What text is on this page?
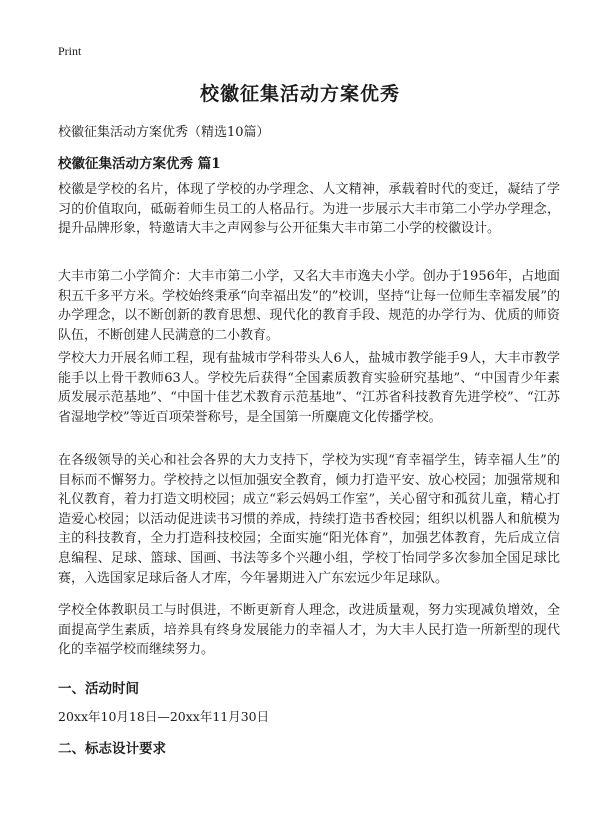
Print
校徽征集活动方案优秀
校徽征集活动方案优秀（精选10篇）
校徽征集活动方案优秀 篇1
校徽是学校的名片，体现了学校的办学理念、人文精神，承载着时代的变迁，凝结了学习的价值取向，砥砺着师生员工的人格品行。为进一步展示大丰市第二小学办学理念，提升品牌形象，特邀请大丰之声网参与公开征集大丰市第二小学的校徽设计。
大丰市第二小学简介：大丰市第二小学，又名大丰市逸夫小学。创办于1956年，占地面积五千多平方米。学校始终秉承“向幸福出发”的”校训，坚持“让每一位师生幸福发展”的办学理念，以不断创新的教育思想、现代化的教育手段、规范的办学行为、优质的师资队伍，不断创建人民满意的二小教育。
学校大力开展名师工程，现有盐城市学科带头人6人，盐城市教学能手9人，大丰市教学能手以上骨干教师63人。学校先后获得“全国素质教育实验研究基地”、“中国青少年素质发展示范基地”、“中国十佳艺术教育示范基地”、“江苏省科技教育先进学校”、“江苏省湿地学校”等近百项荣誉称号，是全国第一所麋鹿文化传播学校。
在各级领导的关心和社会各界的大力支持下，学校为实现“育幸福学生，铸幸福人生”的目标而不懈努力。学校持之以恒加强安全教育，倾力打造平安、放心校园；加强常规和礼仪教育，着力打造文明校园；成立“彩云妈妈工作室”，关心留守和孤贫儿童，精心打造爱心校园；以活动促进读书习惯的养成，持续打造书香校园；组织以机器人和航模为主的科技教育，全力打造科技校园；全面实施“阳光体育”，加强艺体教育，先后成立信息编程、足球、篮球、国画、书法等多个兴趣小组，学校丁怡同学多次参加全国足球比赛，入选国家足球后备人才库，今年暑期进入广东宏远少年足球队。
学校全体教职员工与时俱进，不断更新育人理念，改进质量观，努力实现减负增效，全面提高学生素质，培养具有终身发展能力的幸福人才，为大丰人民打造一所新型的现代化的幸福学校而继续努力。
一、活动时间
20xx年10月18日—20xx年11月30日
二、标志设计要求
